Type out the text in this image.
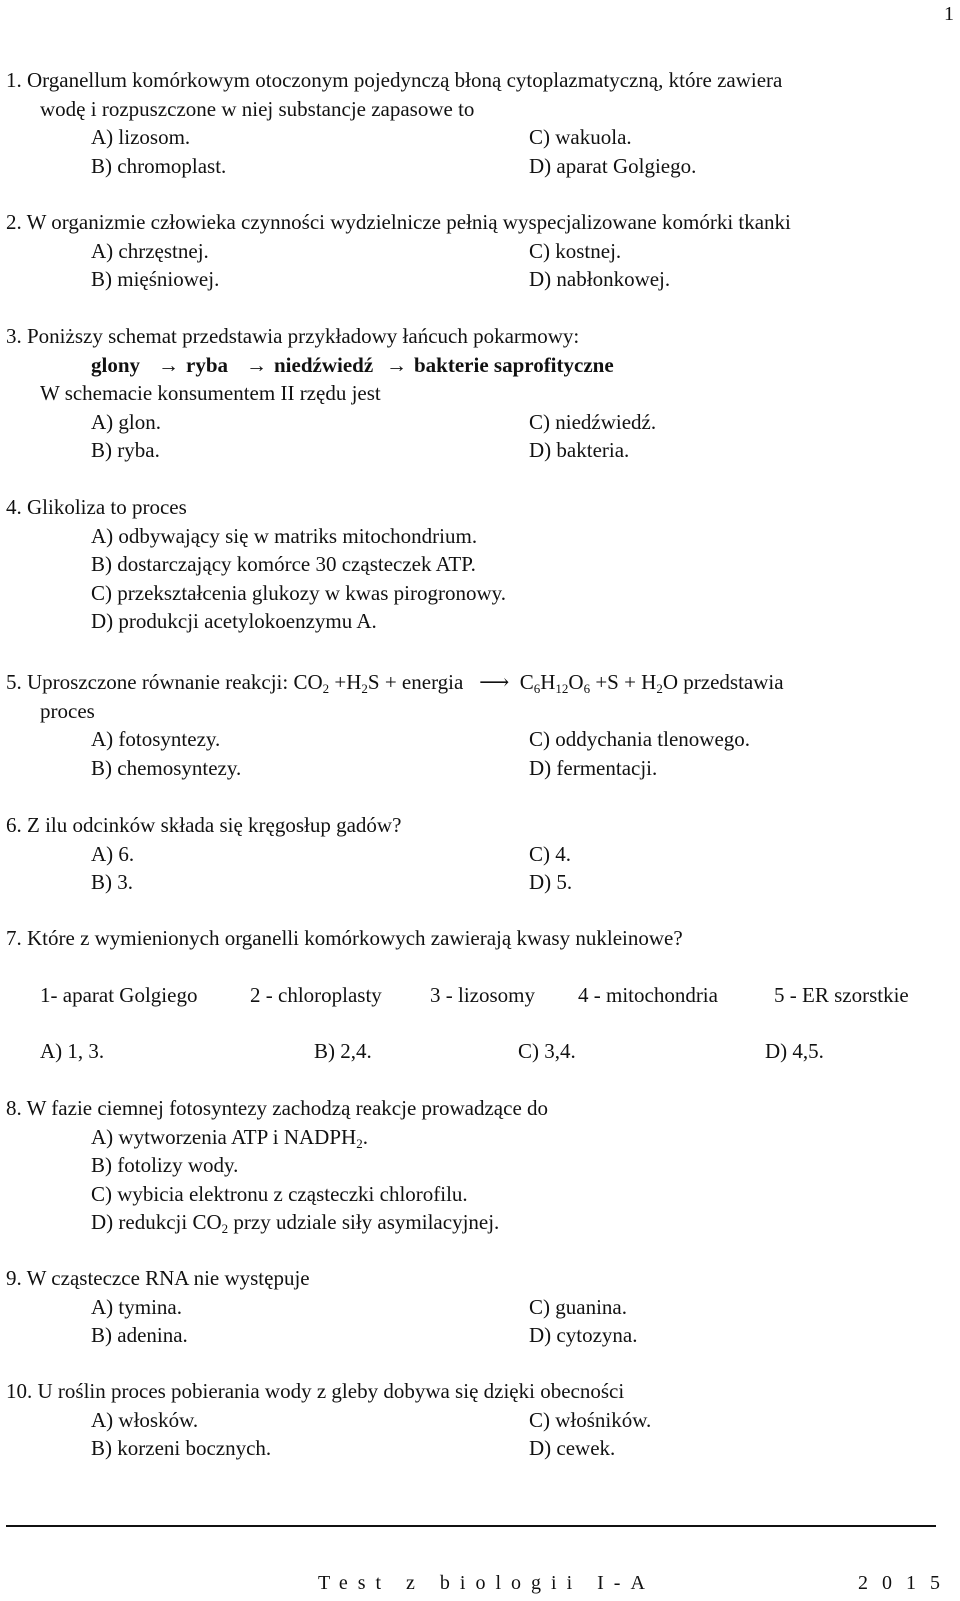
1
1. Organellum komórkowym otoczonym pojedynczą błoną cytoplazmatyczną, które zawiera
wodę i rozpuszczone w niej substancje zapasowe to
A) lizosom.	C) wakuola.
B) chromoplast.	D) aparat Golgiego.
2. W organizmie człowieka czynności wydzielnicze pełnią wyspecjalizowane komórki tkanki
A) chrzęstnej.	C) kostnej.
B) mięśniowej.	D) nabłonkowej.
3. Poniższy schemat przedstawia przykładowy łańcuch pokarmowy:
glony → ryba → niedźwiedź → bakterie saprofityczne
W schemacie konsumentem II rzędu jest
A) glon.	C) niedźwiedź.
B) ryba.	D) bakteria.
4. Glikoliza to proces
A) odbywający się w matriks mitochondrium.
B) dostarczający komórce 30 cząsteczek ATP.
C) przekształcenia glukozy w kwas pirogronowy.
D) produkcji acetylokoenzymu A.
5. Uproszczone równanie reakcji: $CO_2 +H_2S$ + energia ⟶ $C_6H_{12}O_6 +S + H_2O$ przedstawia
proces
A) fotosyntezy.	C) oddychania tlenowego.
B) chemosyntezy.	D) fermentacji.
6. Z ilu odcinków składa się kręgosłup gadów?
A) 6.	C) 4.
B) 3.	D) 5.
7. Które z wymienionych organelli komórkowych zawierają kwasy nukleinowe?
1- aparat Golgiego	2 - chloroplasty 3 - lizosomy 4 - mitochondria	5 - ER szorstkie
A) 1, 3.	B) 2,4.	C) 3,4.	D) 4,5.
8. W fazie ciemnej fotosyntezy zachodzą reakcje prowadzące do
A) wytworzenia ATP i $NADPH_2$.
B) fotolizy wody.
C) wybicia elektronu z cząsteczki chlorofilu.
D) redukcji $CO_2$ przy udziale siły asymilacyjnej.
9. W cząsteczce RNA nie występuje
A) tymina.	C) guanina.
B) adenina.	D) cytozyna.
10. U roślin proces pobierania wody z gleby dobywa się dzięki obecności
A) włosków.	C) włośników.
B) korzeni bocznych.	D) cewek.
Test z biologii I-A	2015
